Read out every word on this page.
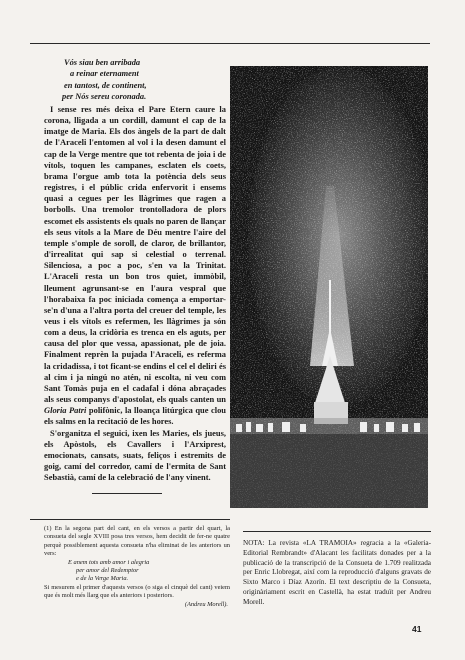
Vós siau ben arribada
a reinar eternament
en tantost, de continent,
per Nós sereu coronada.

I sense res més deixa el Pare Etern caure la corona, lligada a un cordill, damunt el cap de la imatge de Maria. Els dos àngels de la part de dalt de l'Araceli l'entomen al vol i la desen damunt el cap de la Verge mentre que tot rebenta de joia i de vítols, toquen les campanes, esclaten els coets, brama l'orgue amb tota la potència dels seus registres, i el públic crida enfervorit i ensems quasi a cegues per les llàgrimes que ragen a borbolls. Una tremolor trontolladora de plors escomet els assistents els quals no paren de llançar els seus vítols a la Mare de Déu mentre l'aire del temple s'omple de soroll, de claror, de brillantor, d'irrealitat qui sap si celestial o terrenal. Silenciosa, a poc a poc, s'en va la Trinitat. L'Araceli resta un bon tros quiet, immòbil, lleument agrunsant-se en l'aura vespral que l'horabaixa fa poc iniciada comença a emportar-se'n d'una a l'altra porta del creuer del temple, les veus i els vítols es refermen, les llàgrimes ja són com a deus, la cridòria es trenca en els aguts, per causa del plor que vessa, apassionat, ple de joia. Finalment reprèn la pujada l'Araceli, es referma la cridadissa, i tot ficant-se endins el cel el deliri és al cim i ja ningú no atén, ni escolta, ni veu com Sant Tomàs puja en el cadafal i dóna abraçades als seus companys d'apostolat, els quals canten un Gloria Patri polifònic, la lloança litúrgica que clou els salms en la recitació de les hores.

S'organitza el seguici, ixen les Maries, els jueus, els Apòstols, els Cavallers i l'Arxiprest, emocionats, cansats, suats, feliços i estremits de goig, camí del corredor, camí de l'ermita de Sant Sebastià, camí de la celebració de l'any vinent.

(1) En la segona part del cant, en els versos a partir del quart, la consueta del segle XVIII posa tres versos, hem decidit de fer-ne quatre perquè possiblement aquesta consueta n'ha eliminat de les anteriors un vers:

E anem tots amb amor i alegria
per amor del Redemptor
e de la Verge Maria.

Si mesurem el primer d'aquests versos (o siga el cinquè del cant) veiem que és molt més llarg que els anteriors i posteriors.

(Andreu Morell).
NOTA: La revista «LA TRAMOIA» regracia a la «Galeria-Editorial Rembrandt» d'Alacant les facilitats donades per a la publicació de la transcripció de la Consueta de 1.709 realitzada per Enric Llobregat, així com la reproducció d'alguns gravats de Sixto Marco i Díaz Azorín. El text descriptiu de la Consueta, originàriament escrit en Castellà, ha estat traduït per Andreu Morell.
41
